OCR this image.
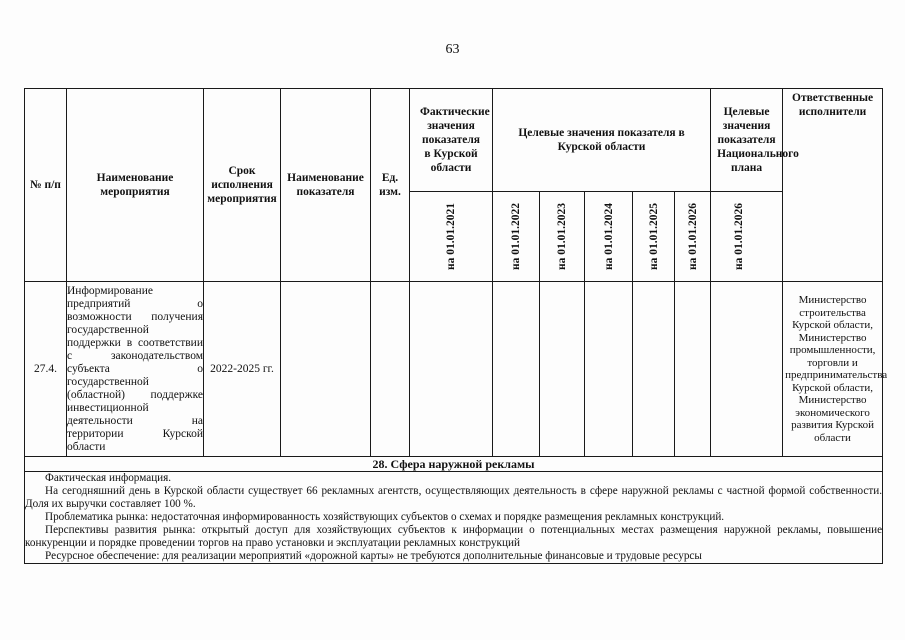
63
№ п/п	Наименование мероприятия	Срок исполнения мероприятия	Наименование показателя	Ед. изм.	Фактические значения показателя в Курской области	Целевые значения показателя в Курской области					Целевые значения показателя Национального плана	Ответственные исполнители

					на 01.01.2021	на 01.01.2022	на 01.01.2023	на 01.01.2024	на 01.01.2025	на 01.01.2026	на 01.01.2026	

27.4.	Информирование предприятий о возможности получения государственной поддержки в соответствии с законодательством субъекта о государственной (областной) поддержке инвестиционной деятельности на территории Курской области	2022-2025 гг.										Министерство строительства Курской области, Министерство промышленности, торговли и предпринимательства Курской области, Министерство экономического развития Курской области
28. Сфера наружной рекламы												

Фактическая информация.

На сегодняшний день в Курской области существует 66 рекламных агентств, осуществляющих деятельность в сфере наружной рекламы с частной формой собственности. Доля их выручки составляет 100 %.

Проблематика рынка: недостаточная информированность хозяйствующих субъектов о схемах и порядке размещения рекламных конструкций.

Перспективы развития рынка: открытый доступ для хозяйствующих субъектов к информации о потенциальных местах размещения наружной рекламы, повышение конкуренции и порядке проведении торгов на право установки и эксплуатации рекламных конструкций

Ресурсное обеспечение: для реализации мероприятий «дорожной карты» не требуются дополнительные финансовые и трудовые ресурсы												
